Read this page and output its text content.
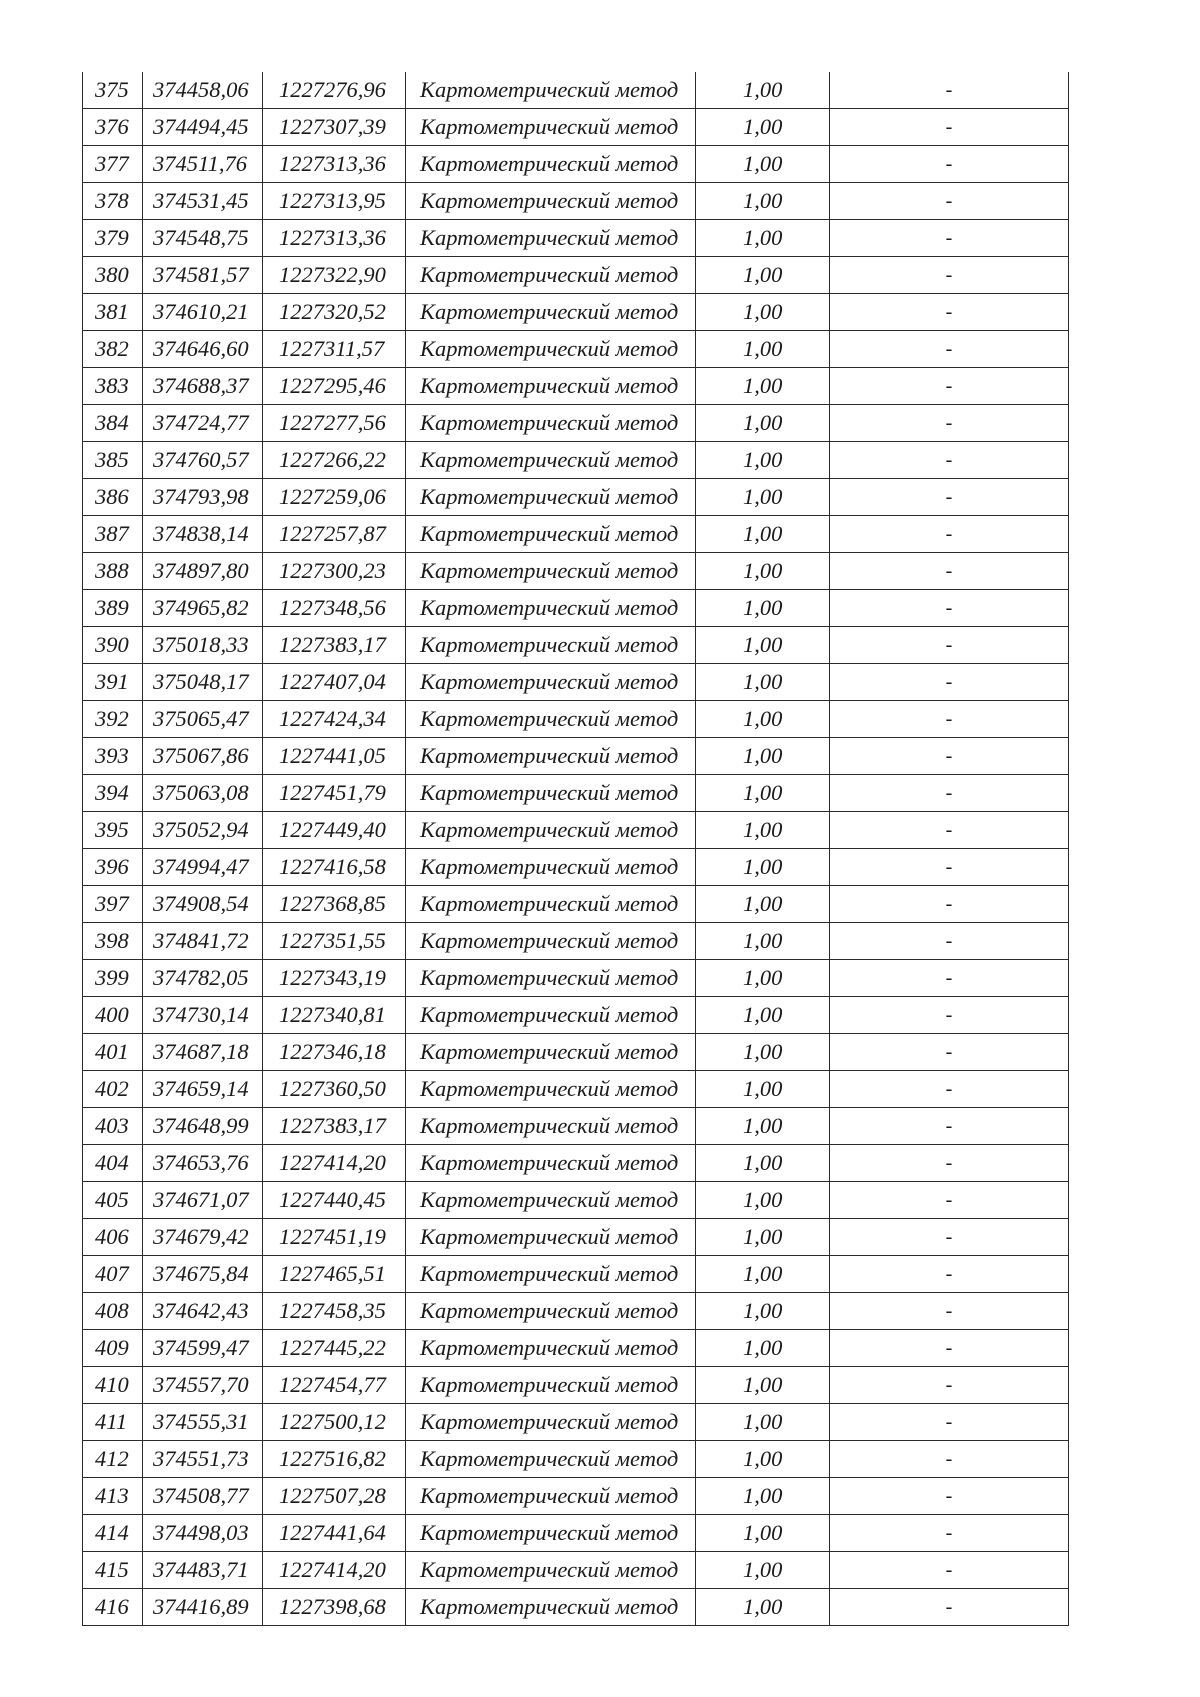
375	374458,06	1227276,96	Картометрический метод	1,00	-
376	374494,45	1227307,39	Картометрический метод	1,00	-
377	374511,76	1227313,36	Картометрический метод	1,00	-
378	374531,45	1227313,95	Картометрический метод	1,00	-
379	374548,75	1227313,36	Картометрический метод	1,00	-
380	374581,57	1227322,90	Картометрический метод	1,00	-
381	374610,21	1227320,52	Картометрический метод	1,00	-
382	374646,60	1227311,57	Картометрический метод	1,00	-
383	374688,37	1227295,46	Картометрический метод	1,00	-
384	374724,77	1227277,56	Картометрический метод	1,00	-
385	374760,57	1227266,22	Картометрический метод	1,00	-
386	374793,98	1227259,06	Картометрический метод	1,00	-
387	374838,14	1227257,87	Картометрический метод	1,00	-
388	374897,80	1227300,23	Картометрический метод	1,00	-
389	374965,82	1227348,56	Картометрический метод	1,00	-
390	375018,33	1227383,17	Картометрический метод	1,00	-
391	375048,17	1227407,04	Картометрический метод	1,00	-
392	375065,47	1227424,34	Картометрический метод	1,00	-
393	375067,86	1227441,05	Картометрический метод	1,00	-
394	375063,08	1227451,79	Картометрический метод	1,00	-
395	375052,94	1227449,40	Картометрический метод	1,00	-
396	374994,47	1227416,58	Картометрический метод	1,00	-
397	374908,54	1227368,85	Картометрический метод	1,00	-
398	374841,72	1227351,55	Картометрический метод	1,00	-
399	374782,05	1227343,19	Картометрический метод	1,00	-
400	374730,14	1227340,81	Картометрический метод	1,00	-
401	374687,18	1227346,18	Картометрический метод	1,00	-
402	374659,14	1227360,50	Картометрический метод	1,00	-
403	374648,99	1227383,17	Картометрический метод	1,00	-
404	374653,76	1227414,20	Картометрический метод	1,00	-
405	374671,07	1227440,45	Картометрический метод	1,00	-
406	374679,42	1227451,19	Картометрический метод	1,00	-
407	374675,84	1227465,51	Картометрический метод	1,00	-
408	374642,43	1227458,35	Картометрический метод	1,00	-
409	374599,47	1227445,22	Картометрический метод	1,00	-
410	374557,70	1227454,77	Картометрический метод	1,00	-
411	374555,31	1227500,12	Картометрический метод	1,00	-
412	374551,73	1227516,82	Картометрический метод	1,00	-
413	374508,77	1227507,28	Картометрический метод	1,00	-
414	374498,03	1227441,64	Картометрический метод	1,00	-
415	374483,71	1227414,20	Картометрический метод	1,00	-
416	374416,89	1227398,68	Картометрический метод	1,00	-
